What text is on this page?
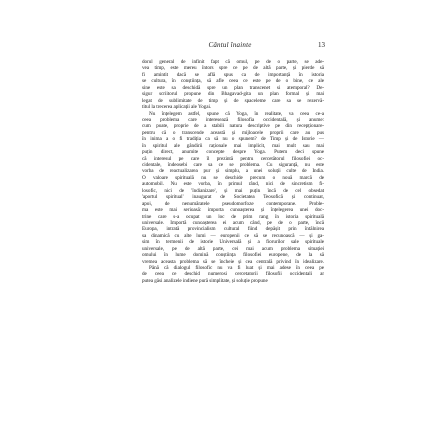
Cântul înainte	13
dorul general de infinit fapt că omul, pe de o parte, se ade-
vea timp, este mereu întors spre ce pe de altă parte, și pierde să
fi amintit dacă se află spus ca de importanță în istoria
se cultura, în conștiința, să afle ceea ce este pe de o bine, ce ale
sine este sa deschidă spre un plan transcenet si atemporal? De-
sigur scriitorul propune din Bhagavad-gita un plan formal și mai
legat de sublimitate de timp și de spaceleme care sa se rezervă-
titul la trecerea aplicații ale Yogai.
Nu înțelegem astfel, spune că Yoga, în realitate, va ceea ce-a
ceea problema care interesează filosofia occidentală, și anume:
cum poate, proprie de a stabili natura descriptive pe din recepționare-
pentru că o transcende această și mijloacele proprii care au pus
în inima a o fi tradiția ca să nu o spunem? de Timp și de Istorie —
în spiritul ale gândirii raționale mai implicit, mai mult sau mai
puțin direct, anumite concepte despre Yoga. Putem deci spune
că interesul pe care îl prezintă pentru cercetătorul filosofiei oc-
cidentale, îndeosebi care sa ce se problema. Cu siguranță, nu este
vorba de reactualizarea pur și simplu, a unei soluții culte de India.
O valoare spirituală nu se deschide precum o nouă marcă de
automobil. Nu este vorba, în primul rând, nici de sincretism fi-
losofic, nici de 'îndianizare', și mai puțin încă de cel obsedat
'aportul spiritual' inaugurat de Societatea Teosofică și continuat,
apoi, de nenumăratele pseudomorfoze contemporane. Proble-
ma este mai serioasă: importa cunoașterea și înțelegerea unei doc-
trine care s-a ocupat un loc de prim rang în istoria spirituală
universale. Importă cunoașterea ei acum când, pe de o parte, încă
Europa, intrată provincialism cultural fiind depășit prin întâlnirea
sa dinamică cu alte lumi — europenii ce să se recunoască — și ga-
sim în termenii de istorie Universală și a fiorurilor sale spirituale
universale, pe de altă parte, cei mai acum problema situației
omului în lume domină conștiința filosofiei europene, de la să
vremea aceasta problema să se încheie și cea centrală privind în idealizare.
Până că dialogul filosofic nu va fi luat și mai adese în ceea pe
de ceea ce deschid numerosi cercetatorii filosofii occidentali ar
putea găsi analizele indiene pură simplitate, și soluție propune
